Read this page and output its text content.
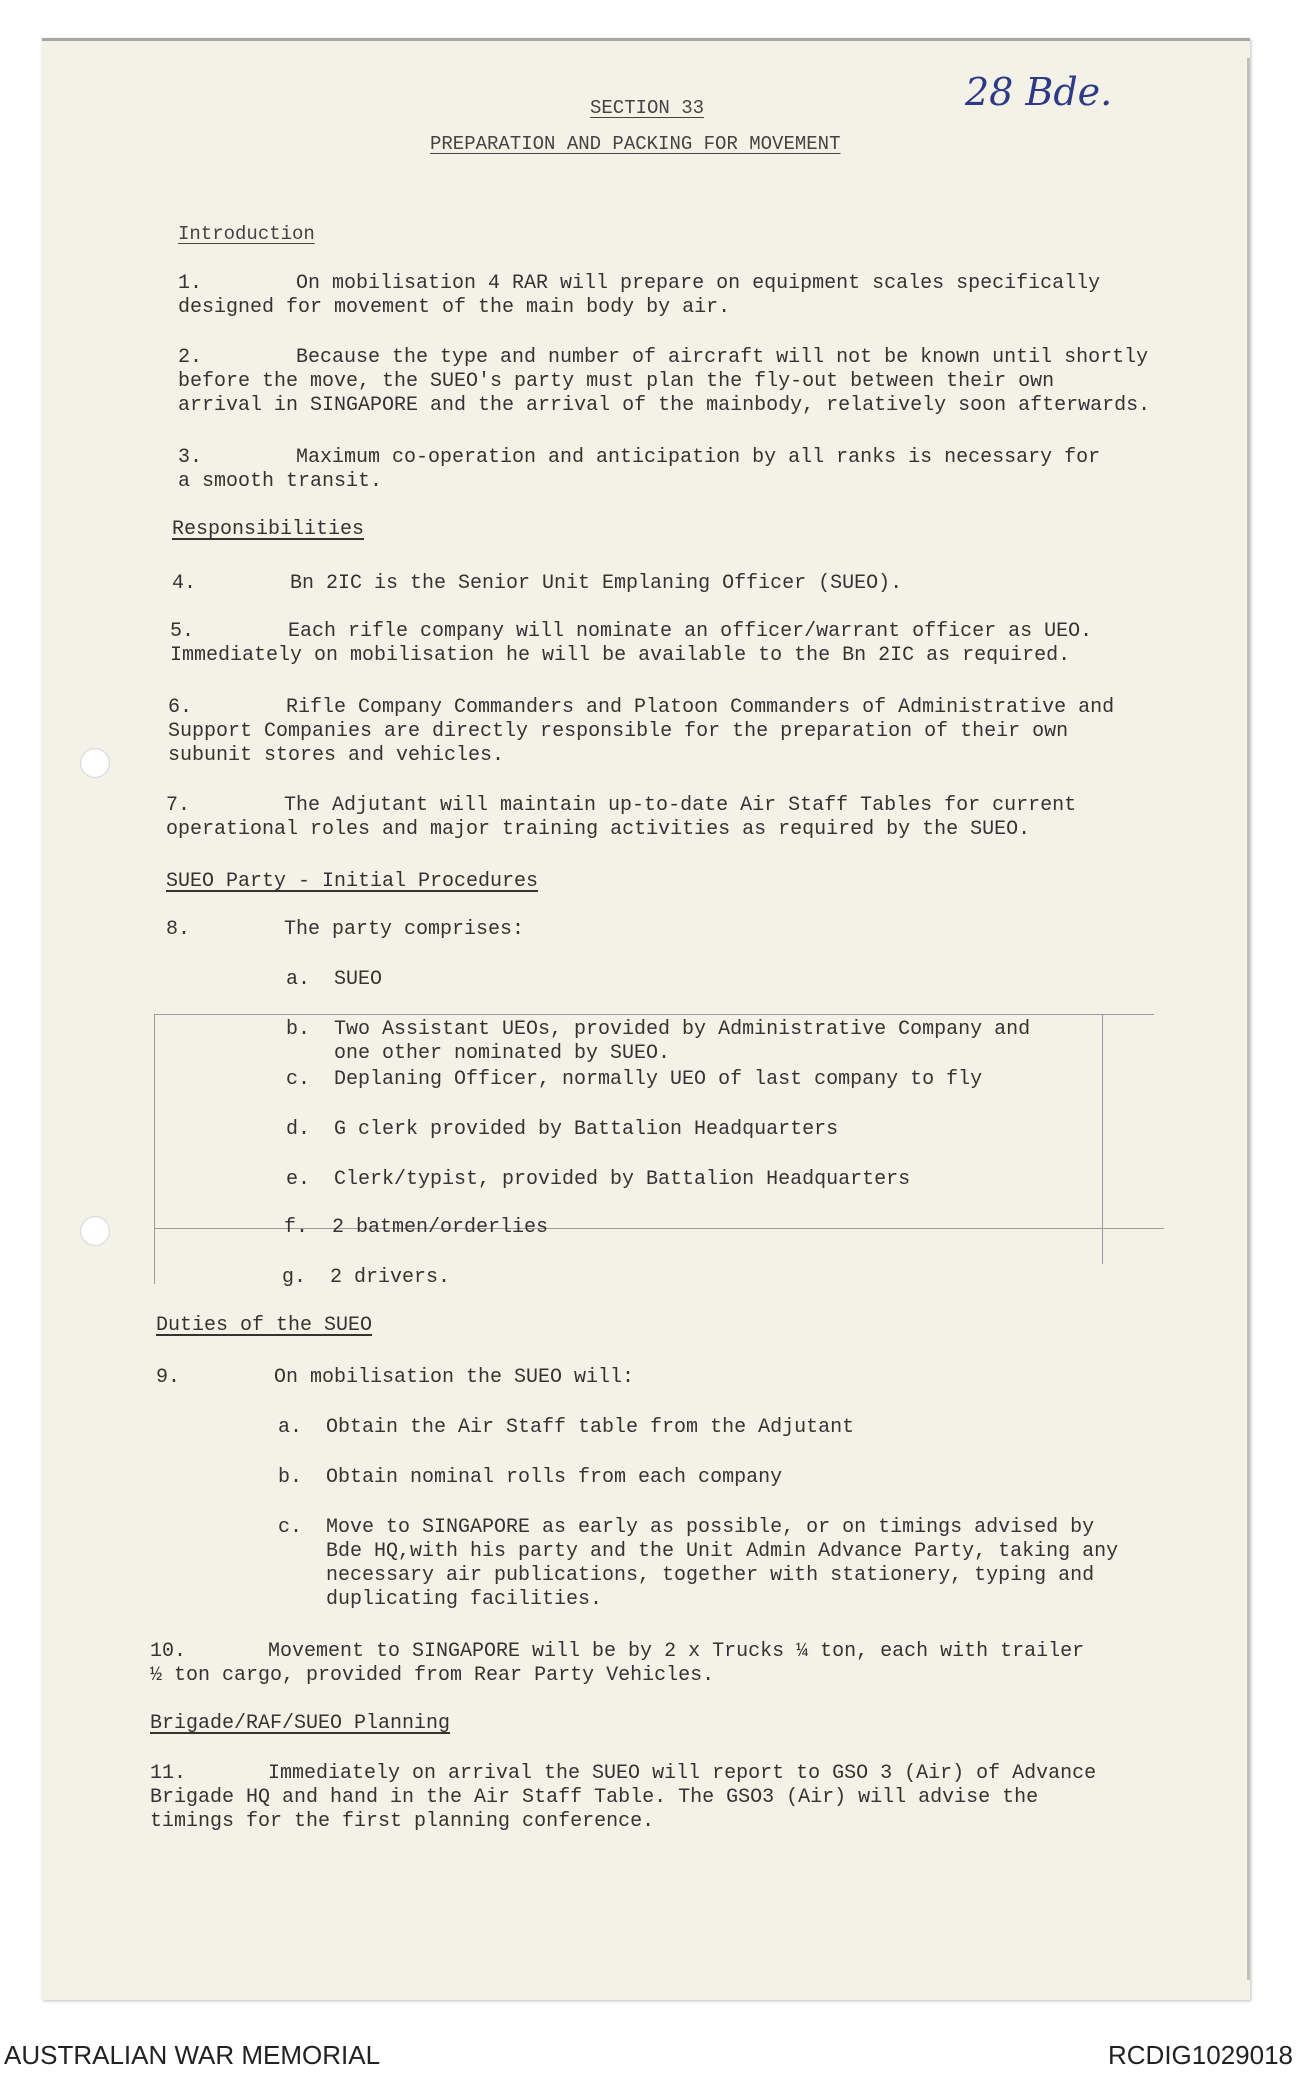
28 Bde.
SECTION 33
PREPARATION AND PACKING FOR MOVEMENT
Introduction
1.	On mobilisation 4 RAR will prepare on equipment scales specifically
designed for movement of the main body by air.
2.	Because the type and number of aircraft will not be known until shortly
before the move, the SUEO's party must plan the fly-out between their own
arrival in SINGAPORE and the arrival of the mainbody, relatively soon afterwards.
3.	Maximum co-operation and anticipation by all ranks is necessary for
a smooth transit.
Responsibilities
4.	Bn 2IC is the Senior Unit Emplaning Officer (SUEO).
5.	Each rifle company will nominate an officer/warrant officer as UEO.
Immediately on mobilisation he will be available to the Bn 2IC as required.
6.	Rifle Company Commanders and Platoon Commanders of Administrative and
Support Companies are directly responsible for the preparation of their own
subunit stores and vehicles.
7.	The Adjutant will maintain up-to-date Air Staff Tables for current
operational roles and major training activities as required by the SUEO.
SUEO Party - Initial Procedures
8.	The party comprises:
a. SUEO
b. Two Assistant UEOs, provided by Administrative Company and
one other nominated by SUEO.
c. Deplaning Officer, normally UEO of last company to fly
d. G clerk provided by Battalion Headquarters
e. Clerk/typist, provided by Battalion Headquarters
f. 2 batmen/orderlies
g. 2 drivers.
Duties of the SUEO
9.	On mobilisation the SUEO will:
a. Obtain the Air Staff table from the Adjutant
b. Obtain nominal rolls from each company
c. Move to SINGAPORE as early as possible, or on timings advised by
Bde HQ,with his party and the Unit Admin Advance Party, taking any
necessary air publications, together with stationery, typing and
duplicating facilities.
10.	Movement to SINGAPORE will be by 2 x Trucks ¼ ton, each with trailer
½ ton cargo, provided from Rear Party Vehicles.
Brigade/RAF/SUEO Planning
11.	Immediately on arrival the SUEO will report to GSO 3 (Air) of Advance
Brigade HQ and hand in the Air Staff Table. The GSO3 (Air) will advise the
timings for the first planning conference.
AUSTRALIAN WAR MEMORIAL	RCDIG1029018
